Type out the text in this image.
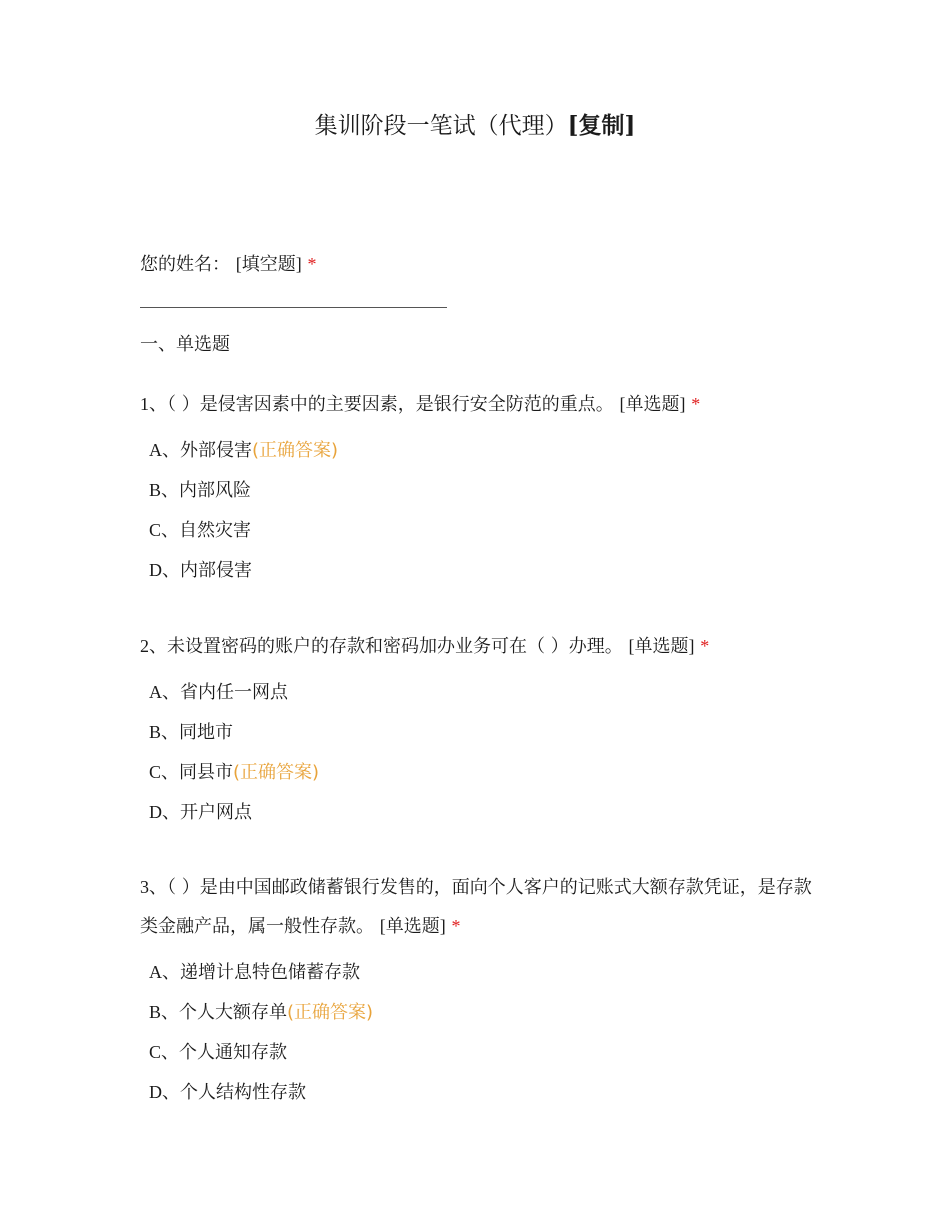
集训阶段一笔试（代理）[复制]
您的姓名： [填空题] *
一、单选题
1、（ ）是侵害因素中的主要因素，是银行安全防范的重点。 [单选题] *
A、外部侵害(正确答案)
B、内部风险
C、自然灾害
D、内部侵害
2、未设置密码的账户的存款和密码加办业务可在（ ）办理。 [单选题] *
A、省内任一网点
B、同地市
C、同县市(正确答案)
D、开户网点
3、（ ）是由中国邮政储蓄银行发售的，面向个人客户的记账式大额存款凭证，是存款类金融产品，属一般性存款。 [单选题] *
A、递增计息特色储蓄存款
B、个人大额存单(正确答案)
C、个人通知存款
D、个人结构性存款
